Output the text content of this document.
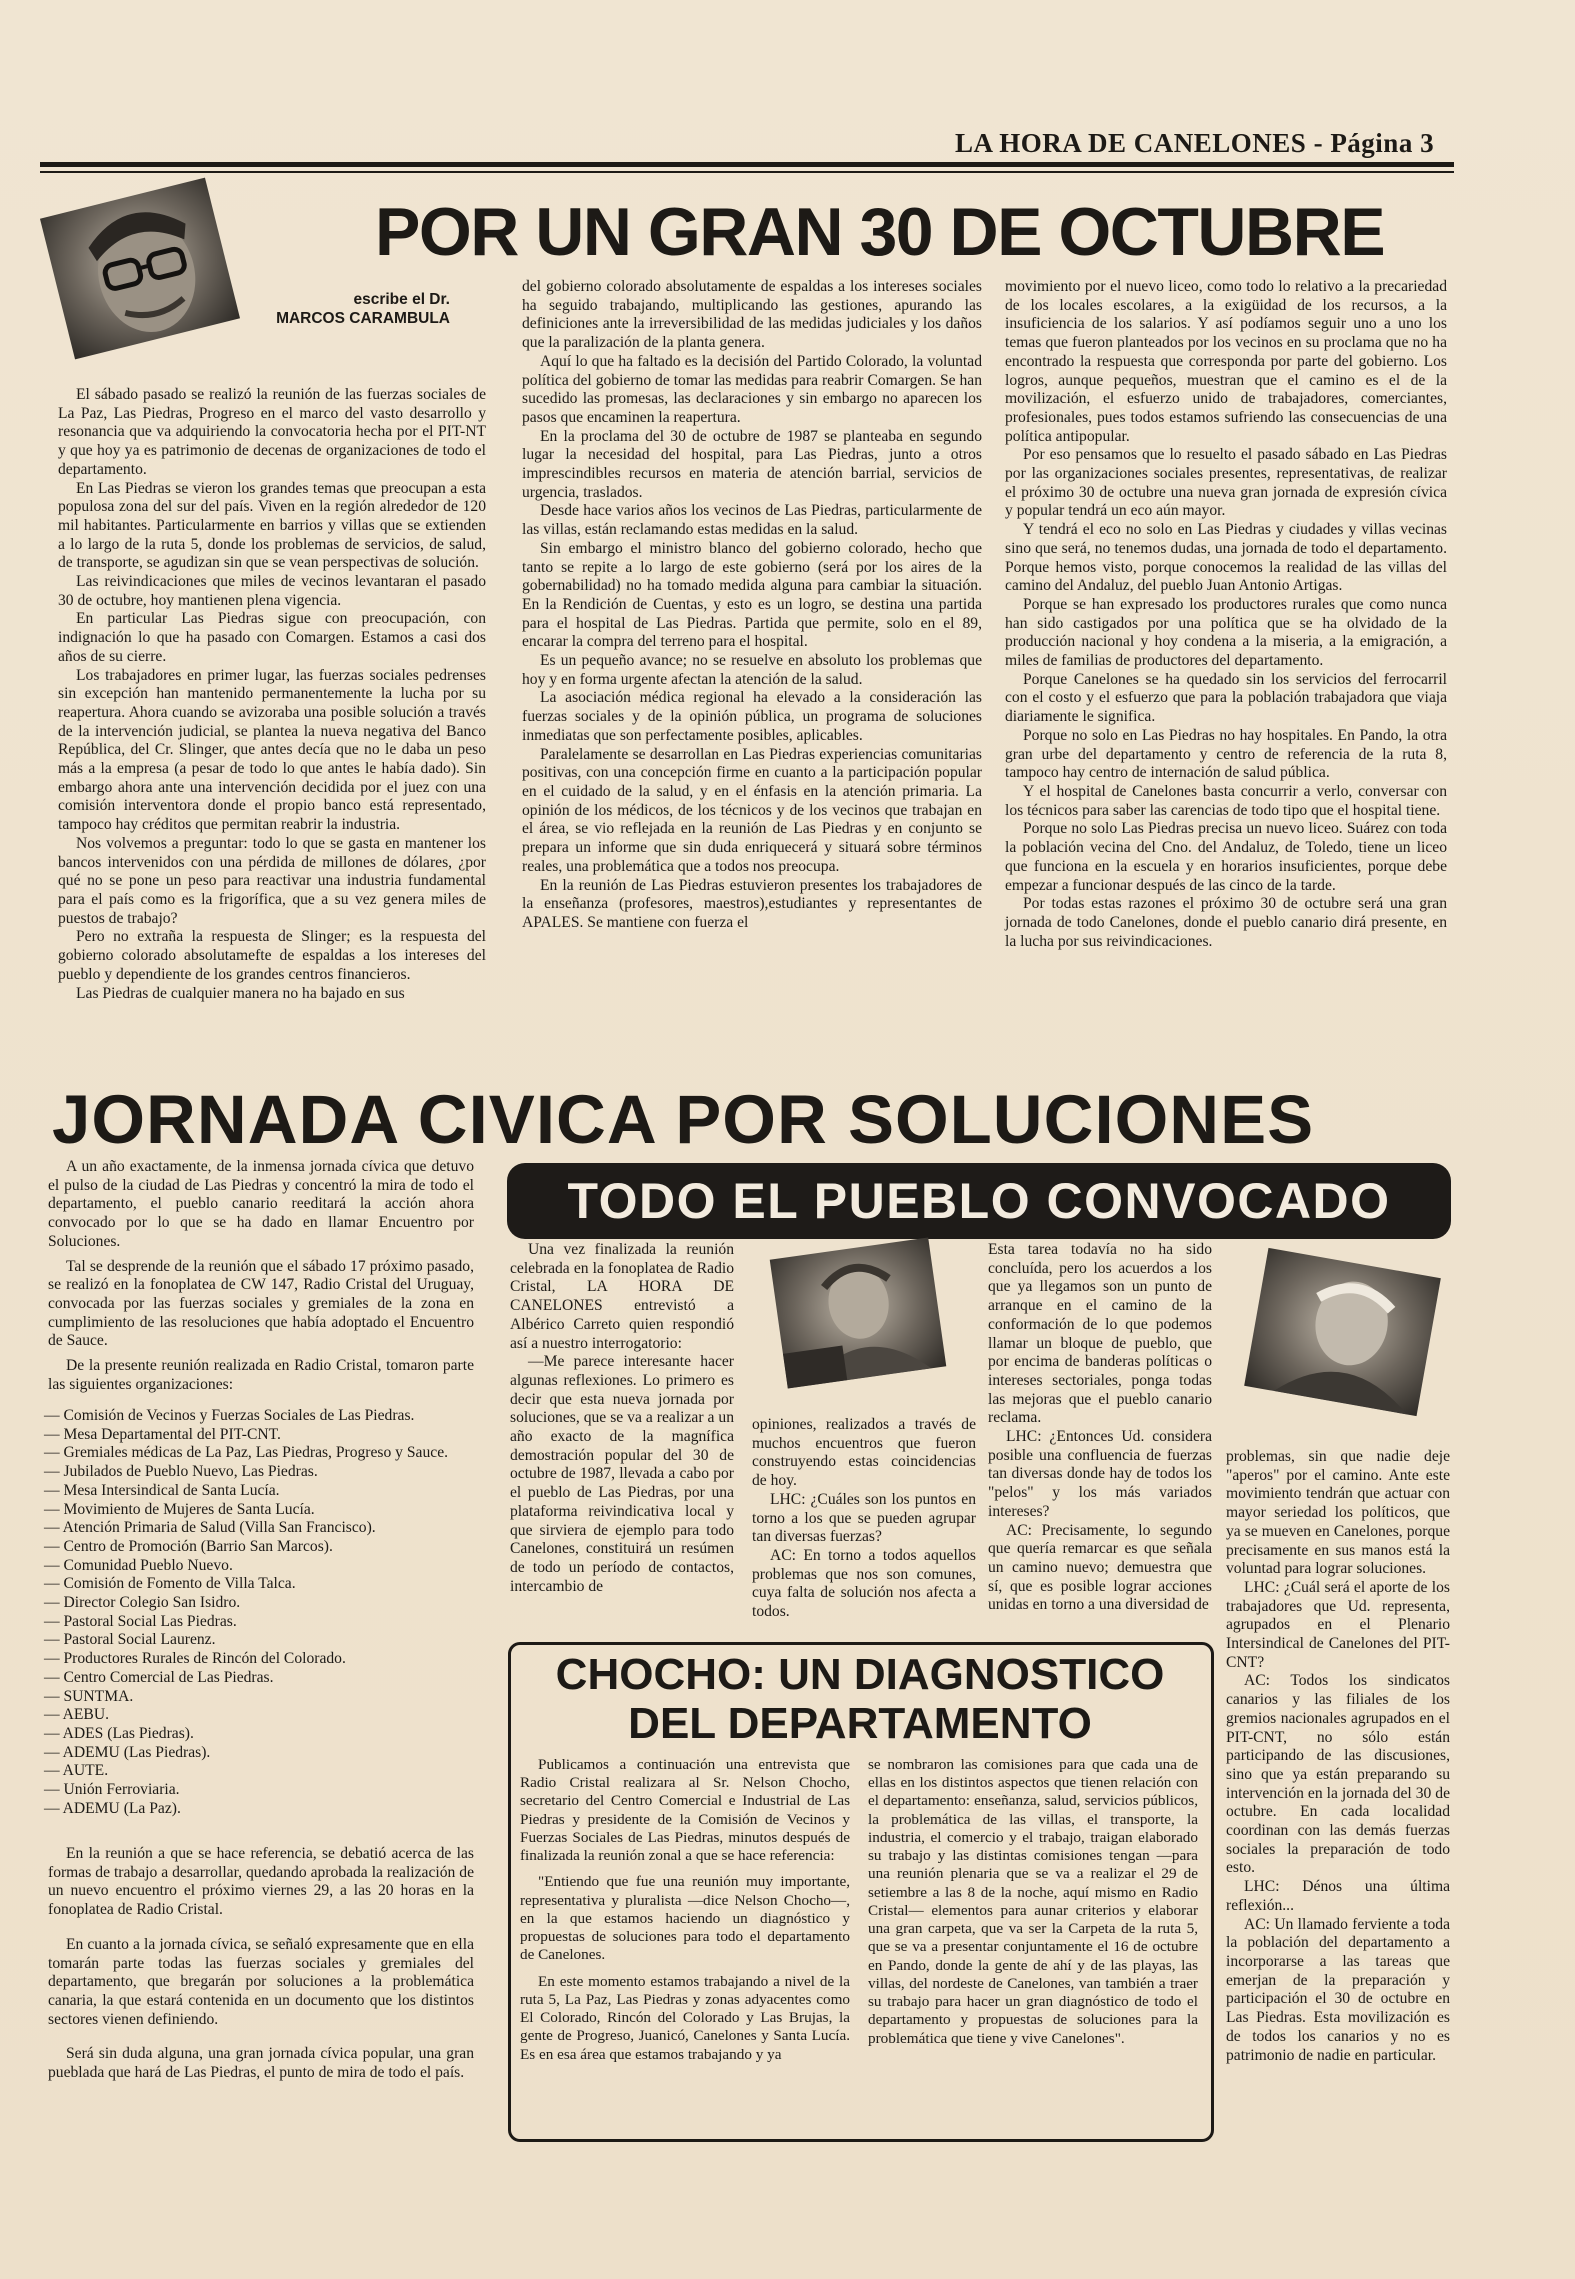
LA HORA DE CANELONES - Página 3
escribe el Dr.
MARCOS CARAMBULA
POR UN GRAN 30 DE OCTUBRE

El sábado pasado se realizó la reunión de las fuerzas sociales de La Paz, Las Piedras, Progreso en el marco del vasto desarrollo y resonancia que va adquiriendo la convocatoria hecha por el PIT-NT y que hoy ya es patrimonio de decenas de organizaciones de todo el departamento.

En Las Piedras se vieron los grandes temas que preocupan a esta populosa zona del sur del país. Viven en la región alrededor de 120 mil habitantes. Particularmente en barrios y villas que se extienden a lo largo de la ruta 5, donde los problemas de servicios, de salud, de transporte, se agudizan sin que se vean perspectivas de solución.

Las reivindicaciones que miles de vecinos levantaran el pasado 30 de octubre, hoy mantienen plena vigencia.

En particular Las Piedras sigue con preocupación, con indignación lo que ha pasado con Comargen. Estamos a casi dos años de su cierre.

Los trabajadores en primer lugar, las fuerzas sociales pedrenses sin excepción han mantenido permanentemente la lucha por su reapertura. Ahora cuando se avizoraba una posible solución a través de la intervención judicial, se plantea la nueva negativa del Banco República, del Cr. Slinger, que antes decía que no le daba un peso más a la empresa (a pesar de todo lo que antes le había dado). Sin embargo ahora ante una intervención decidida por el juez con una comisión interventora donde el propio banco está representado, tampoco hay créditos que permitan reabrir la industria.

Nos volvemos a preguntar: todo lo que se gasta en mantener los bancos intervenidos con una pérdida de millones de dólares, ¿por qué no se pone un peso para reactivar una industria fundamental para el país como es la frigorífica, que a su vez genera miles de puestos de trabajo?

Pero no extraña la respuesta de Slinger; es la respuesta del gobierno colorado absolutamefte de espaldas a los intereses del pueblo y dependiente de los grandes centros financieros.

Las Piedras de cualquier manera no ha bajado en sus

del gobierno colorado absolutamente de espaldas a los intereses sociales ha seguido trabajando, multiplicando las gestiones, apurando las definiciones ante la irreversibilidad de las medidas judiciales y los daños que la paralización de la planta genera.

Aquí lo que ha faltado es la decisión del Partido Colorado, la voluntad política del gobierno de tomar las medidas para reabrir Comargen. Se han sucedido las promesas, las declaraciones y sin embargo no aparecen los pasos que encaminen la reapertura.

En la proclama del 30 de octubre de 1987 se planteaba en segundo lugar la necesidad del hospital, para Las Piedras, junto a otros imprescindibles recursos en materia de atención barrial, servicios de urgencia, traslados.

Desde hace varios años los vecinos de Las Piedras, particularmente de las villas, están reclamando estas medidas en la salud.

Sin embargo el ministro blanco del gobierno colorado, hecho que tanto se repite a lo largo de este gobierno (será por los aires de la gobernabilidad) no ha tomado medida alguna para cambiar la situación. En la Rendición de Cuentas, y esto es un logro, se destina una partida para el hospital de Las Piedras. Partida que permite, solo en el 89, encarar la compra del terreno para el hospital.

Es un pequeño avance; no se resuelve en absoluto los problemas que hoy y en forma urgente afectan la atención de la salud.

La asociación médica regional ha elevado a la consideración las fuerzas sociales y de la opinión pública, un programa de soluciones inmediatas que son perfectamente posibles, aplicables.

Paralelamente se desarrollan en Las Piedras experiencias comunitarias positivas, con una concepción firme en cuanto a la participación popular en el cuidado de la salud, y en el énfasis en la atención primaria. La opinión de los médicos, de los técnicos y de los vecinos que trabajan en el área, se vio reflejada en la reunión de Las Piedras y en conjunto se prepara un informe que sin duda enriquecerá y situará sobre términos reales, una problemática que a todos nos preocupa.

En la reunión de Las Piedras estuvieron presentes los trabajadores de la enseñanza (profesores, maestros),estudiantes y representantes de APALES. Se mantiene con fuerza el

movimiento por el nuevo liceo, como todo lo relativo a la precariedad de los locales escolares, a la exigüidad de los recursos, a la insuficiencia de los salarios. Y así podíamos seguir uno a uno los temas que fueron planteados por los vecinos en su proclama que no ha encontrado la respuesta que corresponda por parte del gobierno. Los logros, aunque pequeños, muestran que el camino es el de la movilización, el esfuerzo unido de trabajadores, comerciantes, profesionales, pues todos estamos sufriendo las consecuencias de una política antipopular.

Por eso pensamos que lo resuelto el pasado sábado en Las Piedras por las organizaciones sociales presentes, representativas, de realizar el próximo 30 de octubre una nueva gran jornada de expresión cívica y popular tendrá un eco aún mayor.

Y tendrá el eco no solo en Las Piedras y ciudades y villas vecinas sino que será, no tenemos dudas, una jornada de todo el departamento. Porque hemos visto, porque conocemos la realidad de las villas del camino del Andaluz, del pueblo Juan Antonio Artigas.

Porque se han expresado los productores rurales que como nunca han sido castigados por una política que se ha olvidado de la producción nacional y hoy condena a la miseria, a la emigración, a miles de familias de productores del departamento.

Porque Canelones se ha quedado sin los servicios del ferrocarril con el costo y el esfuerzo que para la población trabajadora que viaja diariamente le significa.

Porque no solo en Las Piedras no hay hospitales. En Pando, la otra gran urbe del departamento y centro de referencia de la ruta 8, tampoco hay centro de internación de salud pública.

Y el hospital de Canelones basta concurrir a verlo, conversar con los técnicos para saber las carencias de todo tipo que el hospital tiene.

Porque no solo Las Piedras precisa un nuevo liceo. Suárez con toda la población vecina del Cno. del Andaluz, de Toledo, tiene un liceo que funciona en la escuela y en horarios insuficientes, porque debe empezar a funcionar después de las cinco de la tarde.

Por todas estas razones el próximo 30 de octubre será una gran jornada de todo Canelones, donde el pueblo canario dirá presente, en la lucha por sus reivindicaciones.

JORNADA CIVICA POR SOLUCIONES

A un año exactamente, de la inmensa jornada cívica que detuvo el pulso de la ciudad de Las Piedras y concentró la mira de todo el departamento, el pueblo canario reeditará la acción ahora convocado por lo que se ha dado en llamar Encuentro por Soluciones.

Tal se desprende de la reunión que el sábado 17 próximo pasado, se realizó en la fonoplatea de CW 147, Radio Cristal del Uruguay, convocada por las fuerzas sociales y gremiales de la zona en cumplimiento de las resoluciones que había adoptado el Encuentro de Sauce.

De la presente reunión realizada en Radio Cristal, tomaron parte las siguientes organizaciones:

— Comisión de Vecinos y Fuerzas Sociales de Las Piedras.
— Mesa Departamental del PIT-CNT.
— Gremiales médicas de La Paz, Las Piedras, Progreso y Sauce.
— Jubilados de Pueblo Nuevo, Las Piedras.
— Mesa Intersindical de Santa Lucía.
— Movimiento de Mujeres de Santa Lucía.
— Atención Primaria de Salud (Villa San Francisco).
— Centro de Promoción (Barrio San Marcos).
— Comunidad Pueblo Nuevo.
— Comisión de Fomento de Villa Talca.
— Director Colegio San Isidro.
— Pastoral Social Las Piedras.
— Pastoral Social Laurenz.
— Productores Rurales de Rincón del Colorado.
— Centro Comercial de Las Piedras.
— SUNTMA.
— AEBU.
— ADES (Las Piedras).
— ADEMU (Las Piedras).
— AUTE.
— Unión Ferroviaria.
— ADEMU (La Paz).

En la reunión a que se hace referencia, se debatió acerca de las formas de trabajo a desarrollar, quedando aprobada la realización de un nuevo encuentro el próximo viernes 29, a las 20 horas en la fonoplatea de Radio Cristal.

En cuanto a la jornada cívica, se señaló expresamente que en ella tomarán parte todas las fuerzas sociales y gremiales del departamento, que bregarán por soluciones a la problemática canaria, la que estará contenida en un documento que los distintos sectores vienen definiendo.

Será sin duda alguna, una gran jornada cívica popular, una gran pueblada que hará de Las Piedras, el punto de mira de todo el país.

TODO EL PUEBLO CONVOCADO

Una vez finalizada la reunión celebrada en la fonoplatea de Radio Cristal, LA HORA DE CANELONES entrevistó a Albérico Carreto quien respondió así a nuestro interrogatorio:

—Me parece interesante hacer algunas reflexiones. Lo primero es decir que esta nueva jornada por soluciones, que se va a realizar a un año exacto de la magnífica demostración popular del 30 de octubre de 1987, llevada a cabo por el pueblo de Las Piedras, por una plataforma reivindicativa local y que sirviera de ejemplo para todo Canelones, constituirá un resúmen de todo un período de contactos, intercambio de

opiniones, realizados a través de muchos encuentros que fueron construyendo estas coincidencias de hoy.

LHC: ¿Cuáles son los puntos en torno a los que se pueden agrupar tan diversas fuerzas?

AC: En torno a todos aquellos problemas que nos son comunes, cuya falta de solución nos afecta a todos.

Esta tarea todavía no ha sido concluída, pero los acuerdos a los que ya llegamos son un punto de arranque en el camino de la conformación de lo que podemos llamar un bloque de pueblo, que por encima de banderas políticas o intereses sectoriales, ponga todas las mejoras que el pueblo canario reclama.

LHC: ¿Entonces Ud. considera posible una confluencia de fuerzas tan diversas donde hay de todos los "pelos" y los más variados intereses?

AC: Precisamente, lo segundo que quería remarcar es que señala un camino nuevo; demuestra que sí, que es posible lograr acciones unidas en torno a una diversidad de

problemas, sin que nadie deje "aperos" por el camino. Ante este movimiento tendrán que actuar con mayor seriedad los políticos, que ya se mueven en Canelones, porque precisamente en sus manos está la voluntad para lograr soluciones.

LHC: ¿Cuál será el aporte de los trabajadores que Ud. representa, agrupados en el Plenario Intersindical de Canelones del PIT-CNT?

AC: Todos los sindicatos canarios y las filiales de los gremios nacionales agrupados en el PIT-CNT, no sólo están participando de las discusiones, sino que ya están preparando su intervención en la jornada del 30 de octubre. En cada localidad coordinan con las demás fuerzas sociales la preparación de todo esto.

LHC: Dénos una última reflexión...

AC: Un llamado ferviente a toda la población del departamento a incorporarse a las tareas que emerjan de la preparación y participación el 30 de octubre en Las Piedras. Esta movilización es de todos los canarios y no es patrimonio de nadie en particular.

CHOCHO: UN DIAGNOSTICO
DEL DEPARTAMENTO

Publicamos a continuación una entrevista que Radio Cristal realizara al Sr. Nelson Chocho, secretario del Centro Comercial e Industrial de Las Piedras y presidente de la Comisión de Vecinos y Fuerzas Sociales de Las Piedras, minutos después de finalizada la reunión zonal a que se hace referencia:

"Entiendo que fue una reunión muy importante, representativa y pluralista —dice Nelson Chocho—, en la que estamos haciendo un diagnóstico y propuestas de soluciones para todo el departamento de Canelones.

En este momento estamos trabajando a nivel de la ruta 5, La Paz, Las Piedras y zonas adyacentes como El Colorado, Rincón del Colorado y Las Brujas, la gente de Progreso, Juanicó, Canelones y Santa Lucía. Es en esa área que estamos trabajando y ya

se nombraron las comisiones para que cada una de ellas en los distintos aspectos que tienen relación con el departamento: enseñanza, salud, servicios públicos, la problemática de las villas, el transporte, la industria, el comercio y el trabajo, traigan elaborado su trabajo y las distintas comisiones tengan —para una reunión plenaria que se va a realizar el 29 de setiembre a las 8 de la noche, aquí mismo en Radio Cristal— elementos para aunar criterios y elaborar una gran carpeta, que va ser la Carpeta de la ruta 5, que se va a presentar conjuntamente el 16 de octubre en Pando, donde la gente de ahí y de las playas, las villas, del nordeste de Canelones, van también a traer su trabajo para hacer un gran diagnóstico de todo el departamento y propuestas de soluciones para la problemática que tiene y vive Canelones".
